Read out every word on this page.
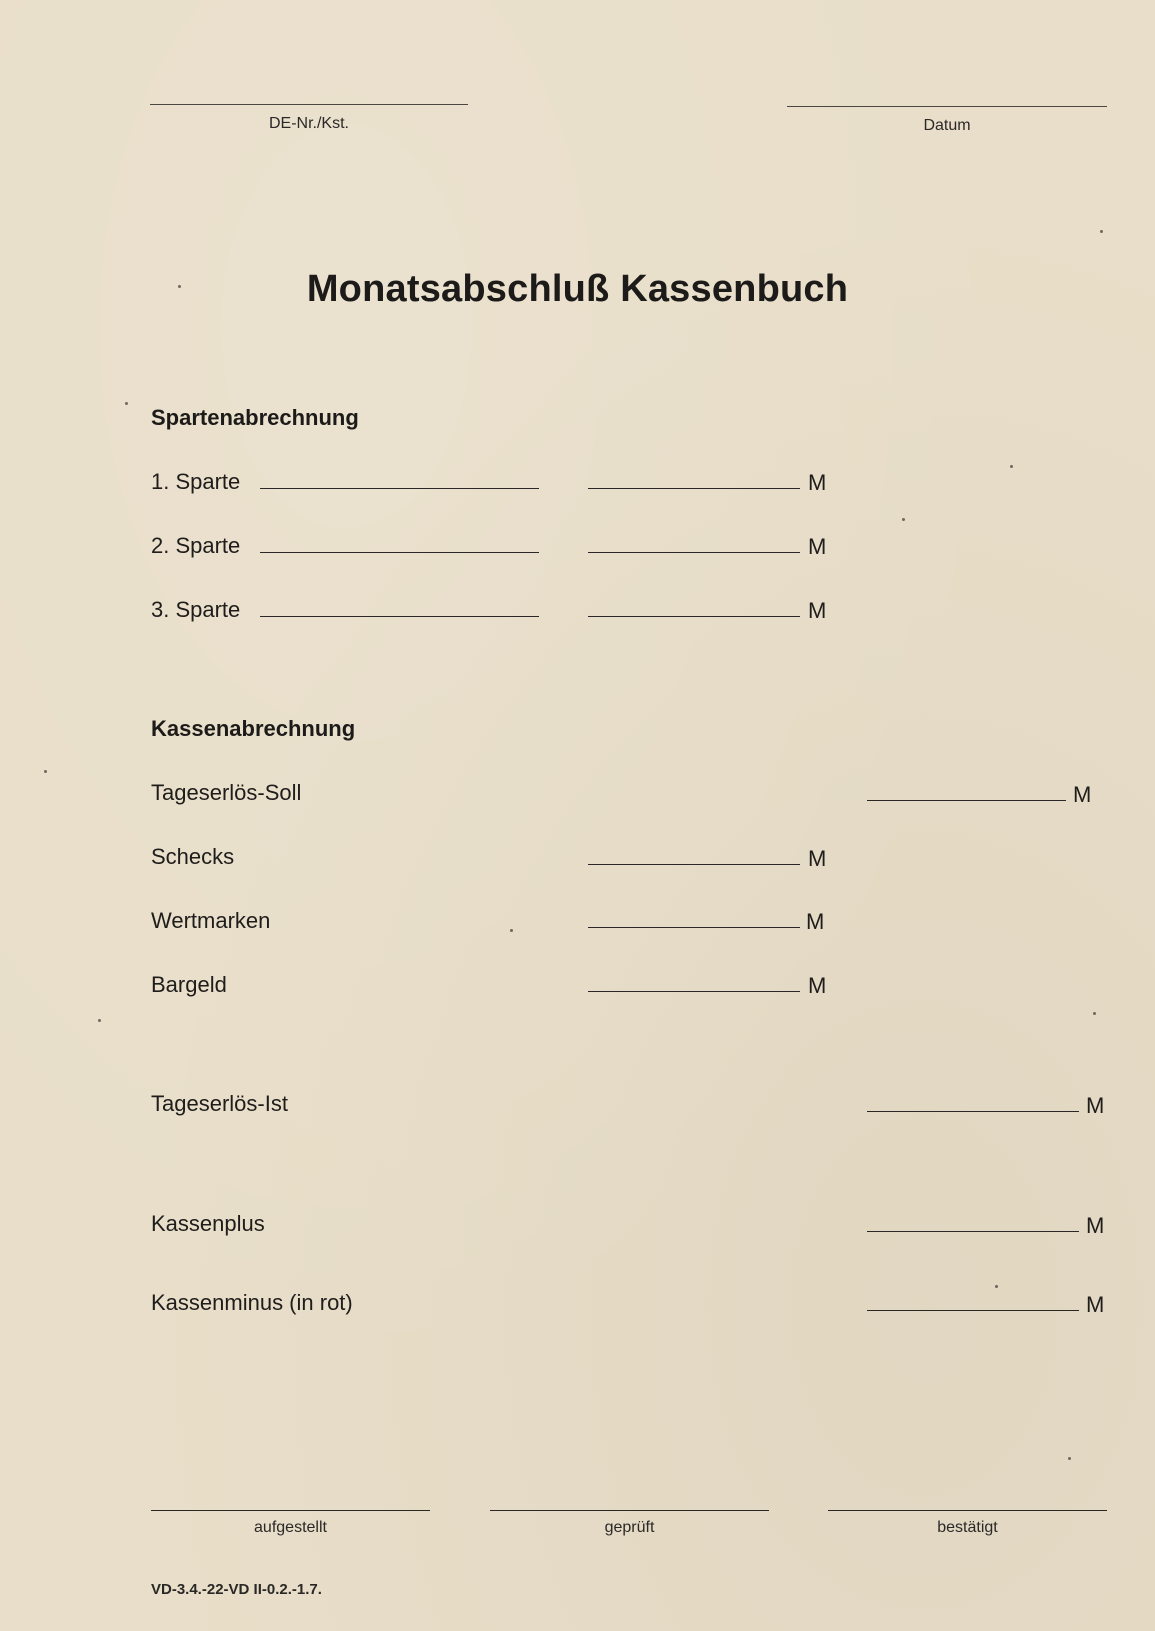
DE-Nr./Kst.	Datum
Monatsabschluß Kassenbuch
Spartenabrechnung
1. Sparte	M
2. Sparte	M
3. Sparte	M
Kassenabrechnung
Tageserlös-Soll	M
Schecks	M
Wertmarken	M
Bargeld	M
Tageserlös-Ist	M
Kassenplus	M
Kassenminus (in rot)	M
aufgestellt	geprüft	bestätigt
VD-3.4.-22-VD II-0.2.-1.7.
